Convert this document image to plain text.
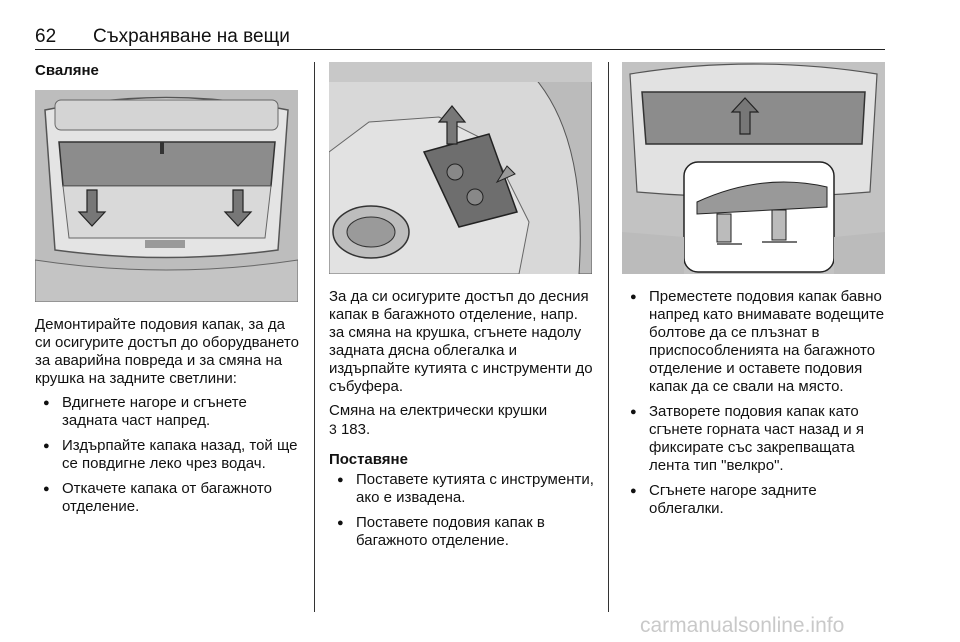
62 Съхраняване на вещи
Сваляне

Демонтирайте подовия капак, за да си осигурите достъп до оборудването за аварийна повреда и за смяна на крушка на задните светлини:

● Вдигнете нагоре и сгънете задната част напред.
● Издърпайте капака назад, той ще се повдигне леко чрез водач.
● Откачете капака от багажното отделение.

За да си осигурите достъп до десния капак в багажното отделение, напр. за смяна на крушка, сгънете надолу задната дясна облегалка и издърпайте кутията с инструменти до събуфера.

Смяна на електрически крушки
3 183.

Поставяне
● Поставете кутията с инструменти, ако е извадена.
● Поставете подовия капак в багажното отделение.
● Преместете подовия капак бавно напред като внимавате водещите болтове да се плъзнат в приспособленията на багажното отделение и оставете подовия капак да се свали на място.
● Затворете подовия капак като сгънете горната част назад и я фиксирате със закрепващата лента тип "велкро".
● Сгънете нагоре задните облегалки.
carmanualsonline.info
